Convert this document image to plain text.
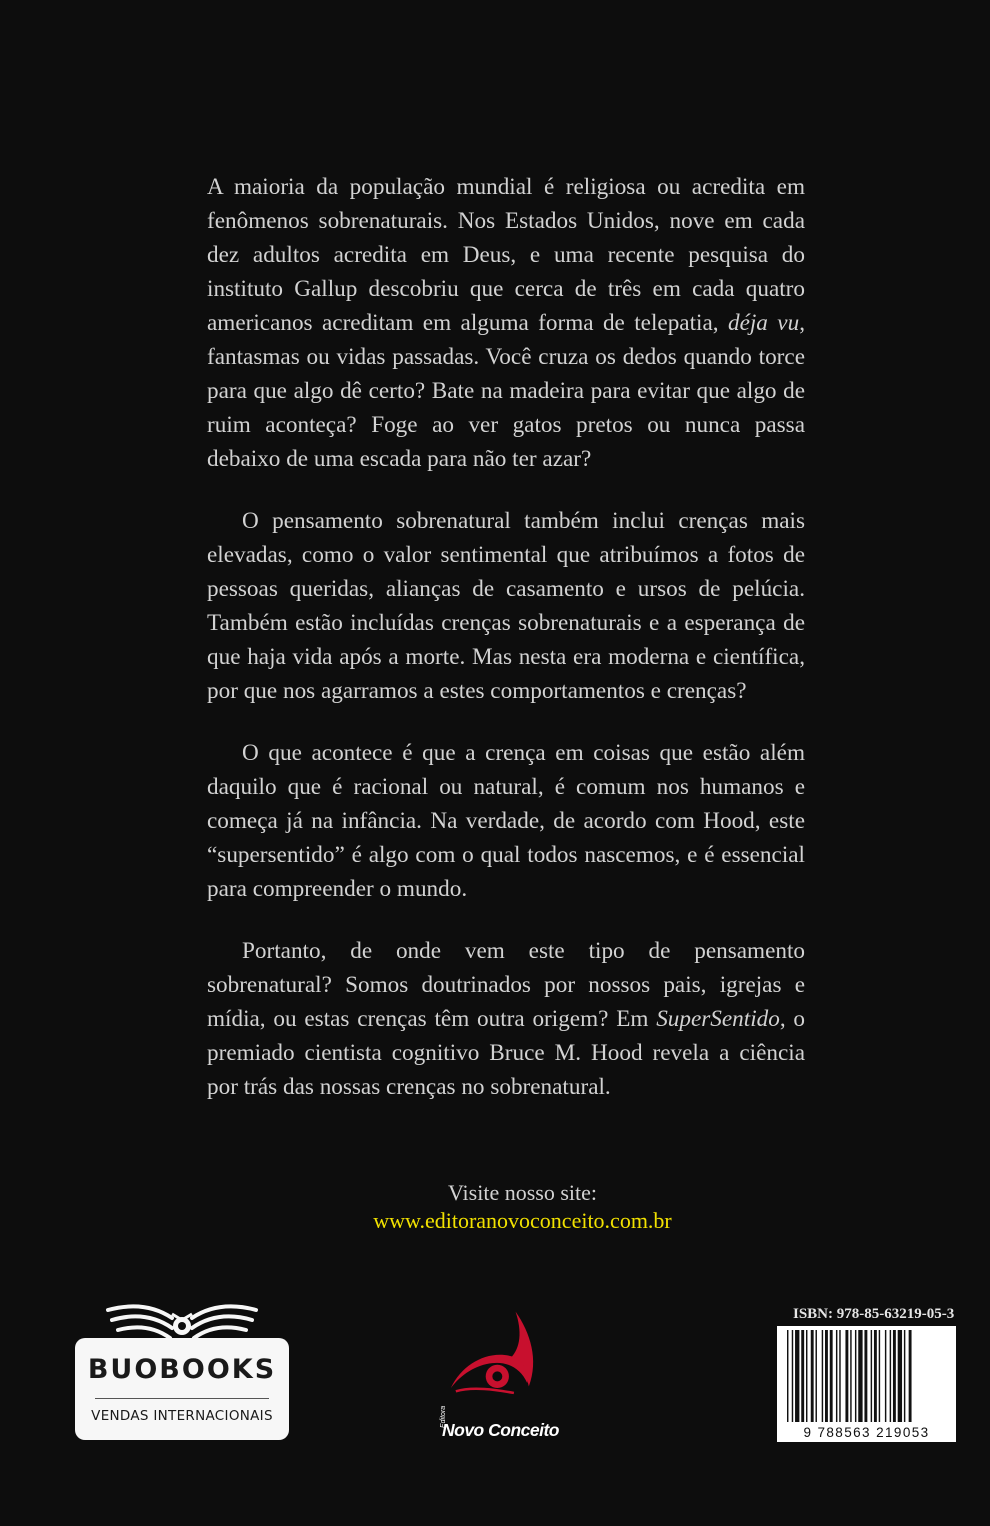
A maioria da população mundial é religiosa ou acredita em fenômenos sobrenaturais. Nos Estados Unidos, nove em cada dez adultos acredita em Deus, e uma recente pesquisa do instituto Gallup descobriu que cerca de três em cada quatro americanos acreditam em alguma forma de telepatia, déja vu, fantasmas ou vidas passadas. Você cruza os dedos quando torce para que algo dê certo? Bate na madeira para evitar que algo de ruim aconteça? Foge ao ver gatos pretos ou nunca passa debaixo de uma escada para não ter azar?

O pensamento sobrenatural também inclui crenças mais elevadas, como o valor sentimental que atribuímos a fotos de pessoas queridas, alianças de casamento e ursos de pelúcia. Também estão incluídas crenças sobrenaturais e a esperança de que haja vida após a morte. Mas nesta era moderna e científica, por que nos agarramos a estes comportamentos e crenças?

O que acontece é que a crença em coisas que estão além daquilo que é racional ou natural, é comum nos humanos e começa já na infância. Na verdade, de acordo com Hood, este “supersentido” é algo com o qual todos nascemos, e é essencial para compreender o mundo.

Portanto, de onde vem este tipo de pensamento sobrenatural? Somos doutrinados por nossos pais, igrejas e mídia, ou estas crenças têm outra origem? Em SuperSentido, o premiado cientista cognitivo Bruce M. Hood revela a ciência por trás das nossas crenças no sobrenatural.

Visite nosso site:
www.editoranovoconceito.com.br
BUOBOOKS
VENDAS INTERNACIONAIS	Editora
Novo Conceito
ISBN: 978-85-63219-05-3
9 788563 219053
